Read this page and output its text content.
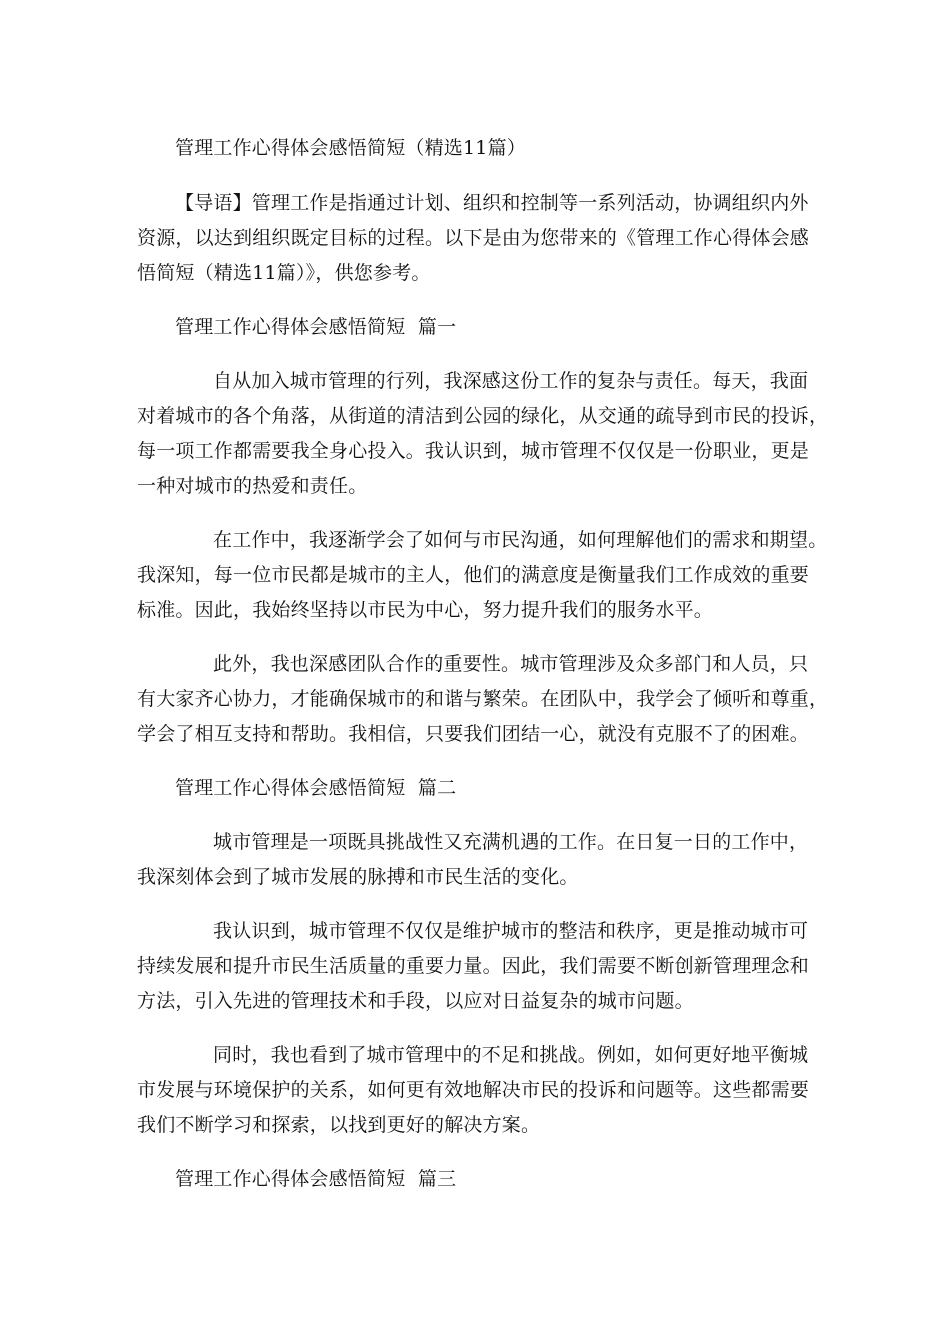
管理工作心得体会感悟简短（精选11篇）
【导语】管理工作是指通过计划、组织和控制等一系列活动，协调组织内外
资源，以达到组织既定目标的过程。以下是由为您带来的《管理工作心得体会感
悟简短（精选11篇）》，供您参考。
管理工作心得体会感悟简短  篇一
自从加入城市管理的行列，我深感这份工作的复杂与责任。每天，我面
对着城市的各个角落，从街道的清洁到公园的绿化，从交通的疏导到市民的投诉，
每一项工作都需要我全身心投入。我认识到，城市管理不仅仅是一份职业，更是
一种对城市的热爱和责任。
在工作中，我逐渐学会了如何与市民沟通，如何理解他们的需求和期望。
我深知，每一位市民都是城市的主人，他们的满意度是衡量我们工作成效的重要
标准。因此，我始终坚持以市民为中心，努力提升我们的服务水平。
此外，我也深感团队合作的重要性。城市管理涉及众多部门和人员，只
有大家齐心协力，才能确保城市的和谐与繁荣。在团队中，我学会了倾听和尊重，
学会了相互支持和帮助。我相信，只要我们团结一心，就没有克服不了的困难。
管理工作心得体会感悟简短  篇二
城市管理是一项既具挑战性又充满机遇的工作。在日复一日的工作中，
我深刻体会到了城市发展的脉搏和市民生活的变化。
我认识到，城市管理不仅仅是维护城市的整洁和秩序，更是推动城市可
持续发展和提升市民生活质量的重要力量。因此，我们需要不断创新管理理念和
方法，引入先进的管理技术和手段，以应对日益复杂的城市问题。
同时，我也看到了城市管理中的不足和挑战。例如，如何更好地平衡城
市发展与环境保护的关系，如何更有效地解决市民的投诉和问题等。这些都需要
我们不断学习和探索，以找到更好的解决方案。
管理工作心得体会感悟简短  篇三
